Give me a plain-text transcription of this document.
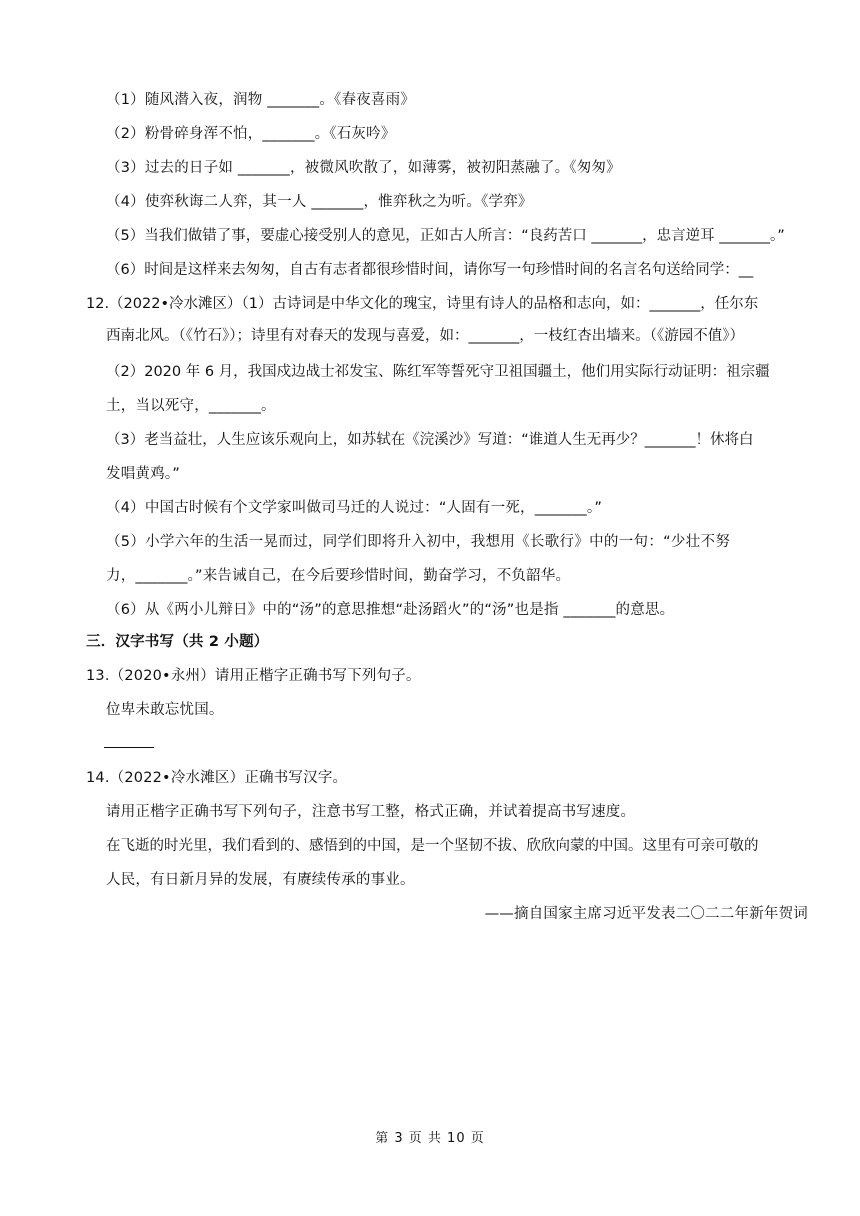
（1）随风潜入夜，润物 _______。《春夜喜雨》
（2）粉骨碎身浑不怕，_______。《石灰吟》
（3）过去的日子如 _______，被微风吹散了，如薄雾，被初阳蒸融了。《匆匆》
（4）使弈秋诲二人弈，其一人 _______，惟弈秋之为听。《学弈》
（5）当我们做错了事，要虚心接受别人的意见，正如古人所言：“良药苦口 _______，忠言逆耳 _______。”
（6）时间是这样来去匆匆，自古有志者都很珍惜时间，请你写一句珍惜时间的名言名句送给同学：__
12.（2022•冷水滩区）（1）古诗词是中华文化的瑰宝，诗里有诗人的品格和志向，如：_______，任尔东
西南北风。（《竹石》）；诗里有对春天的发现与喜爱，如：_______，一枝红杏出墙来。（《游园不值》）
（2）2020 年 6 月，我国戍边战士祁发宝、陈红军等誓死守卫祖国疆土，他们用实际行动证明：祖宗疆
土，当以死守，_______。
（3）老当益壮，人生应该乐观向上，如苏轼在《浣溪沙》写道：“谁道人生无再少？_______！休将白
发唱黄鸡。”
（4）中国古时候有个文学家叫做司马迁的人说过：“人固有一死，_______。”
（5）小学六年的生活一晃而过，同学们即将升入初中，我想用《长歌行》中的一句：“少壮不努
力，_______。”来告诫自己，在今后要珍惜时间，勤奋学习，不负韶华。
（6）从《两小儿辩日》中的“汤”的意思推想“赴汤蹈火”的“汤”也是指 _______的意思。
三．汉字书写（共 2 小题）
13.（2020•永州）请用正楷字正确书写下列句子。
位卑未敢忘忧国。
14.（2022•冷水滩区）正确书写汉字。
请用正楷字正确书写下列句子，注意书写工整，格式正确，并试着提高书写速度。
在飞逝的时光里，我们看到的、感悟到的中国，是一个坚韧不拔、欣欣向蒙的中国。这里有可亲可敬的
人民，有日新月异的发展，有赓续传承的事业。
——摘自国家主席习近平发表二〇二二年新年贺词
第 3 页 共 10 页
